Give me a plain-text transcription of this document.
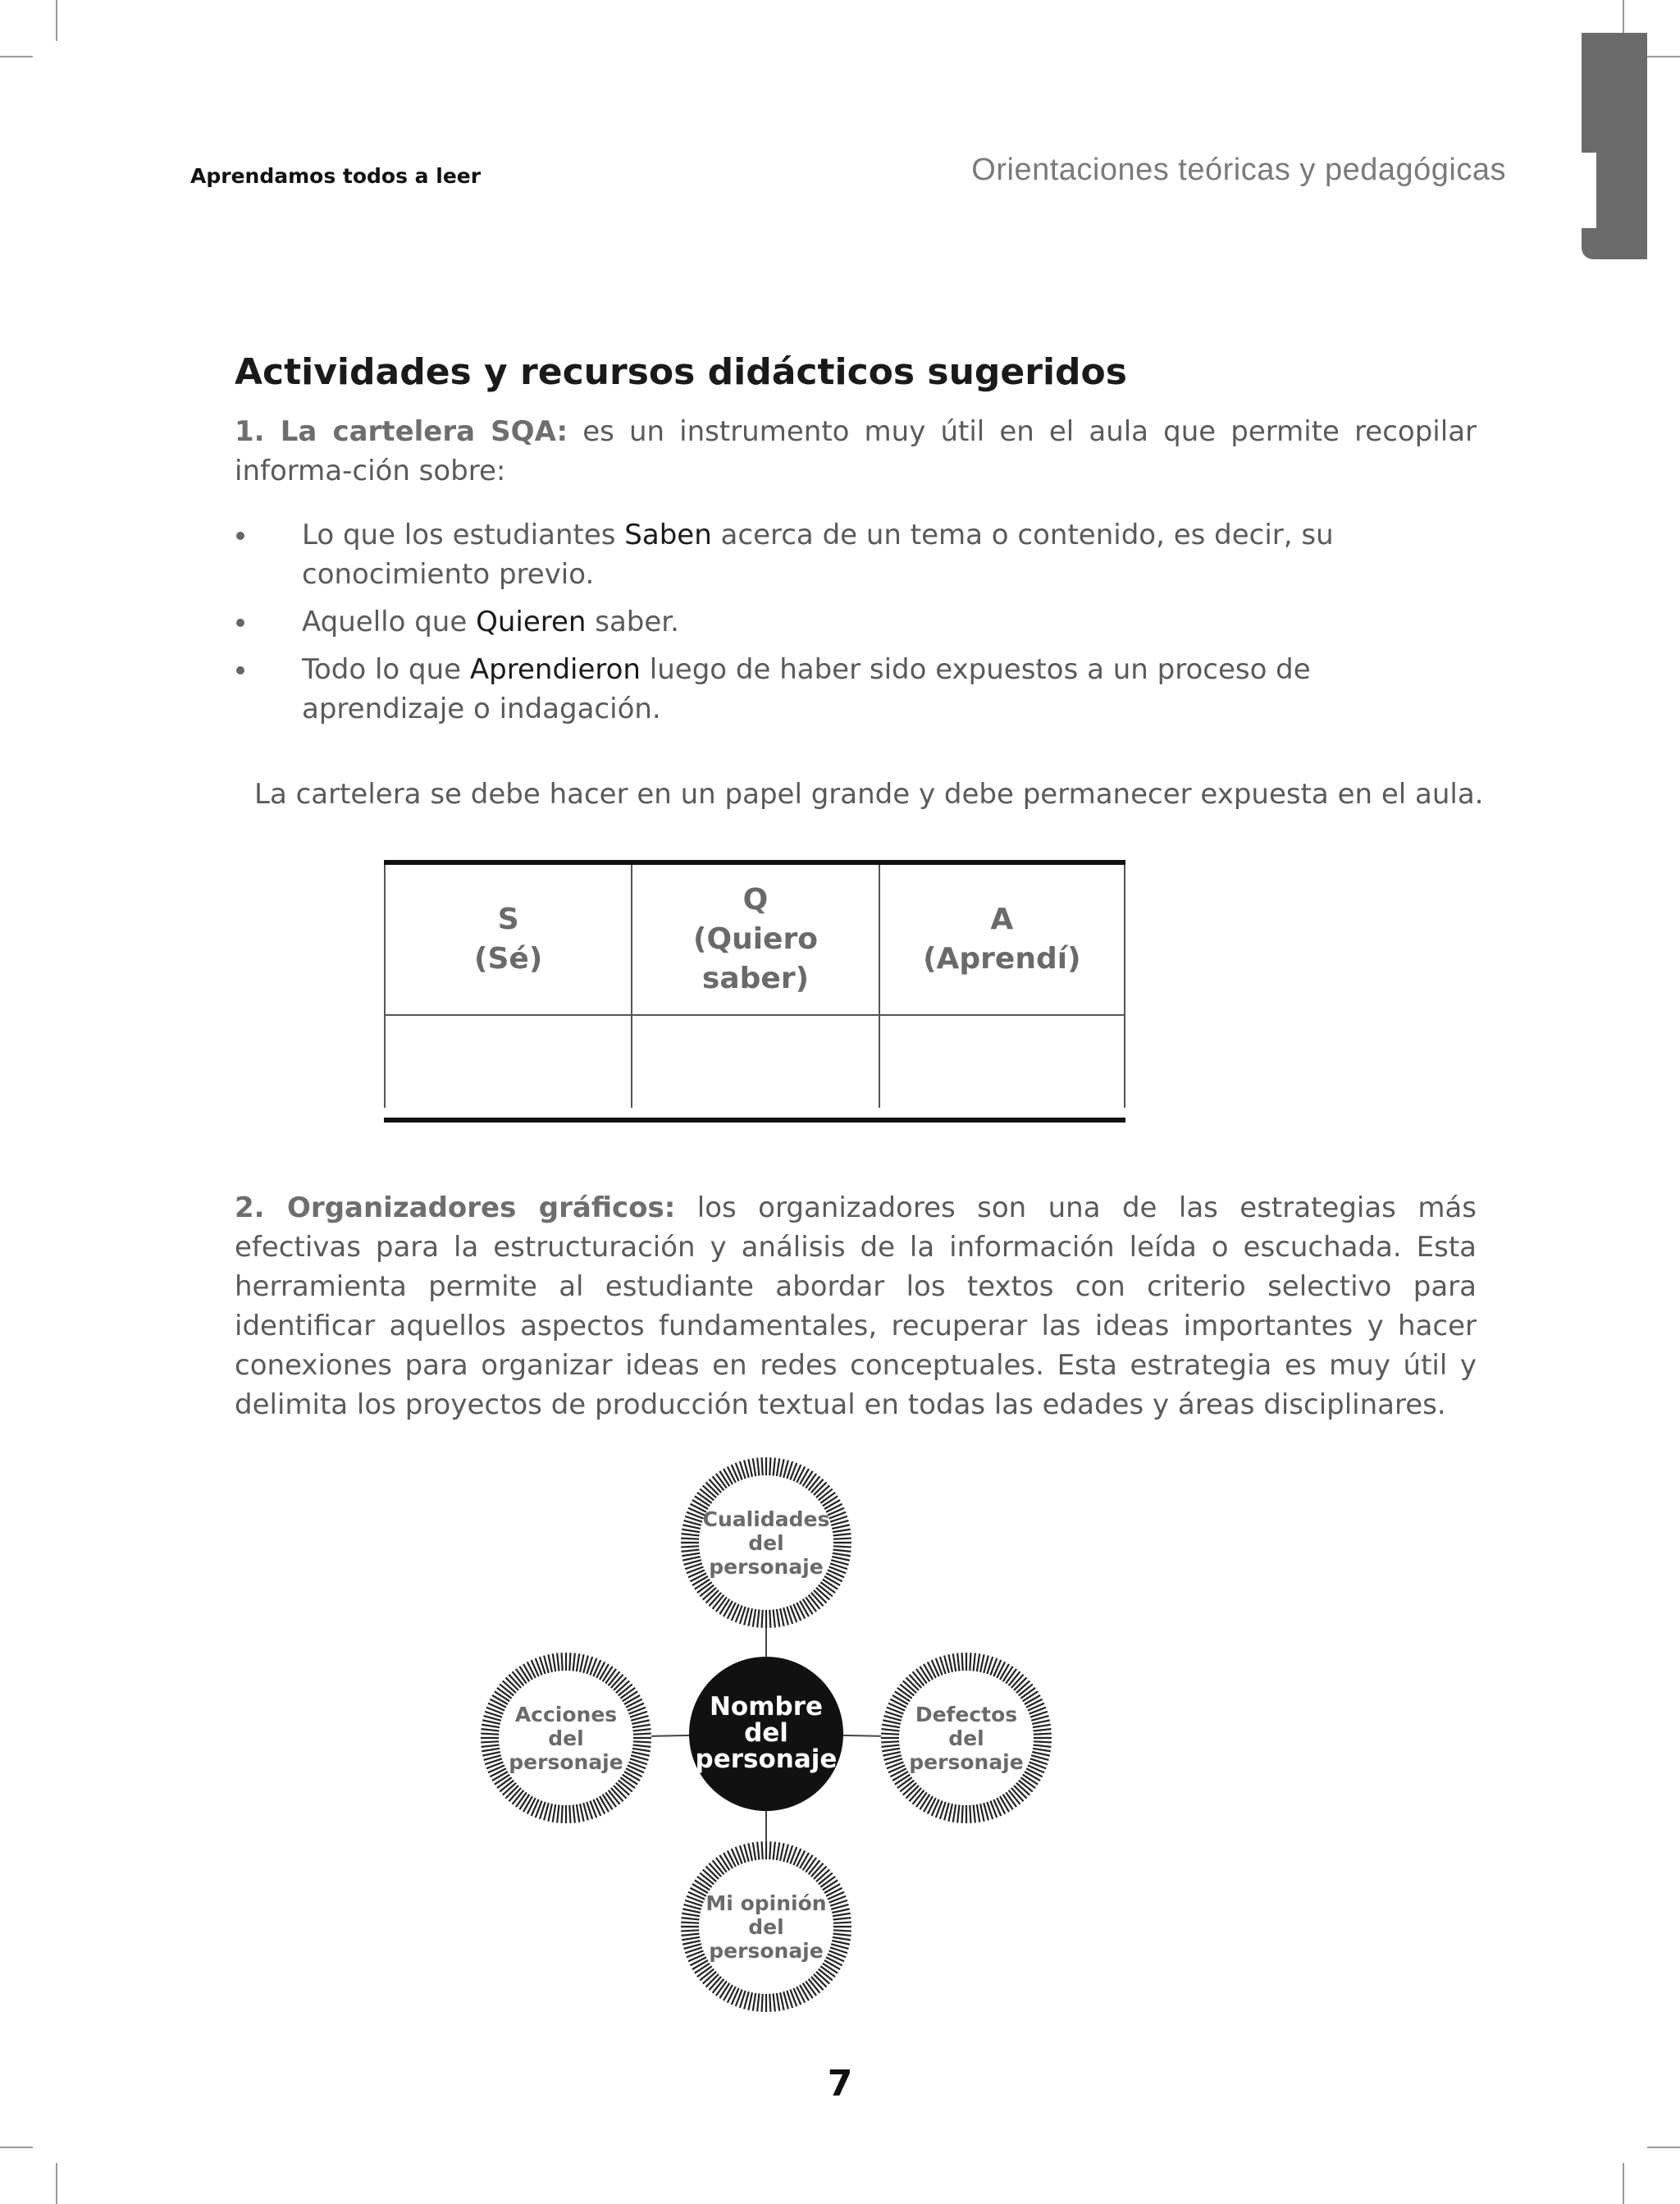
Aprendamos todos a leer	Orientaciones teóricas y pedagógicas
Actividades y recursos didácticos sugeridos
1. La cartelera SQA: es un instrumento muy útil en el aula que permite recopilar informa-ción sobre:
Lo que los estudiantes Saben acerca de un tema o contenido, es decir, su conocimiento previo.
Aquello que Quieren saber.
Todo lo que Aprendieron luego de haber sido expuestos a un proceso de aprendizaje o indagación.
La cartelera se debe hacer en un papel grande y debe permanecer expuesta en el aula.
S
(Sé)
Q
(Quiero
saber)
A
(Aprendí)
2. Organizadores gráficos: los organizadores son una de las estrategias más efectivas para la estructuración y análisis de la información leída o escuchada. Esta herramienta permite al estudiante abordar los textos con criterio selectivo para identificar aquellos aspectos fundamentales, recuperar las ideas importantes y hacer conexiones para organizar ideas en redes conceptuales. Esta estrategia es muy útil y delimita los proyectos de producción textual en todas las edades y áreas disciplinares.
Cualidades
del
personaje
Acciones
del
personaje
Defectos
del
personaje
Mi opinión
del
personaje
Nombre
del
personaje
7
